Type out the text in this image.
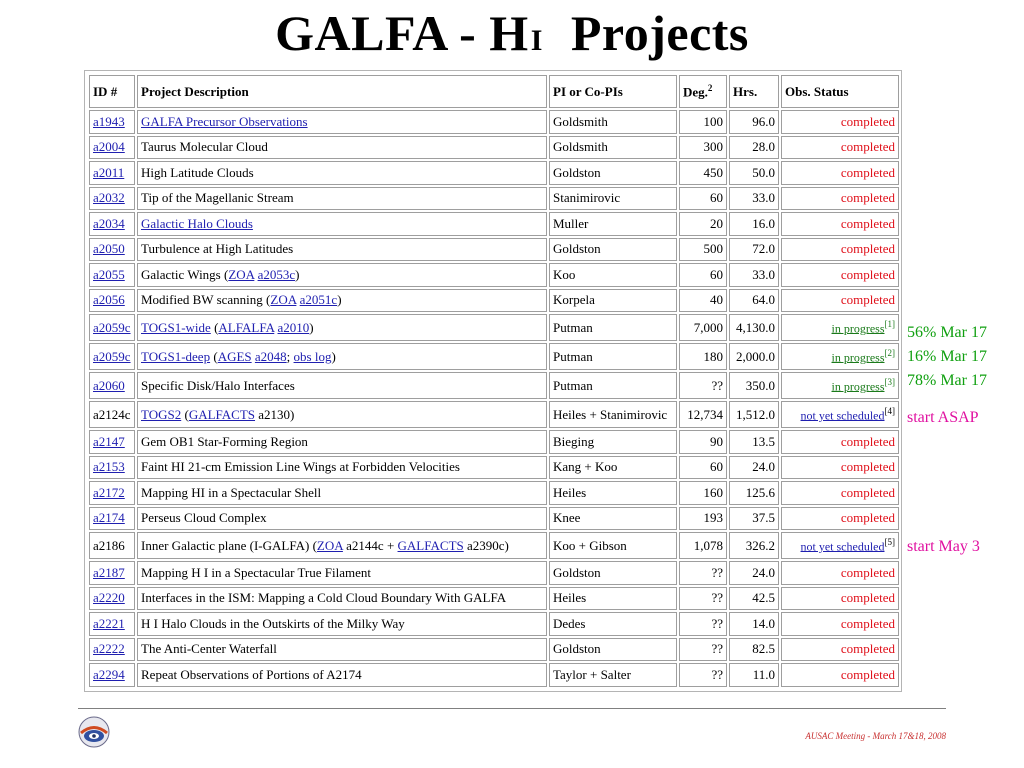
GALFA - HI Projects
ID #	Project Description	PI or Co-PIs	Deg.$^2$	Hrs.	Obs. Status
a1943	GALFA Precursor Observations	Goldsmith	100	96.0	completed
a2004	Taurus Molecular Cloud	Goldsmith	300	28.0	completed
a2011	High Latitude Clouds	Goldston	450	50.0	completed
a2032	Tip of the Magellanic Stream	Stanimirovic	60	33.0	completed
a2034	Galactic Halo Clouds	Muller	20	16.0	completed
a2050	Turbulence at High Latitudes	Goldston	500	72.0	completed
a2055	Galactic Wings (ZOA a2053c)	Koo	60	33.0	completed
a2056	Modified BW scanning (ZOA a2051c)	Korpela	40	64.0	completed
a2059c	TOGS1-wide (ALFALFA a2010)	Putman	7,000	4,130.0	in progress[1]
a2059c	TOGS1-deep (AGES a2048; obs log)	Putman	180	2,000.0	in progress[2]
a2060	Specific Disk/Halo Interfaces	Putman	??	350.0	in progress[3]
a2124c	TOGS2 (GALFACTS a2130)	Heiles + Stanimirovic	12,734	1,512.0	not yet scheduled[4]
a2147	Gem OB1 Star-Forming Region	Bieging	90	13.5	completed
a2153	Faint HI 21-cm Emission Line Wings at Forbidden Velocities	Kang + Koo	60	24.0	completed
a2172	Mapping HI in a Spectacular Shell	Heiles	160	125.6	completed
a2174	Perseus Cloud Complex	Knee	193	37.5	completed
a2186	Inner Galactic plane (I-GALFA) (ZOA a2144c + GALFACTS a2390c)	Koo + Gibson	1,078	326.2	not yet scheduled[5]
a2187	Mapping H I in a Spectacular True Filament	Goldston	??	24.0	completed
a2220	Interfaces in the ISM: Mapping a Cold Cloud Boundary With GALFA	Heiles	??	42.5	completed
a2221	H I Halo Clouds in the Outskirts of the Milky Way	Dedes	??	14.0	completed
a2222	The Anti-Center Waterfall	Goldston	??	82.5	completed
a2294	Repeat Observations of Portions of A2174	Taylor + Salter	??	11.0	completed
56% Mar 17
16% Mar 17
78% Mar 17
start ASAP
start May 3
AUSAC Meeting - March 17&18, 2008
